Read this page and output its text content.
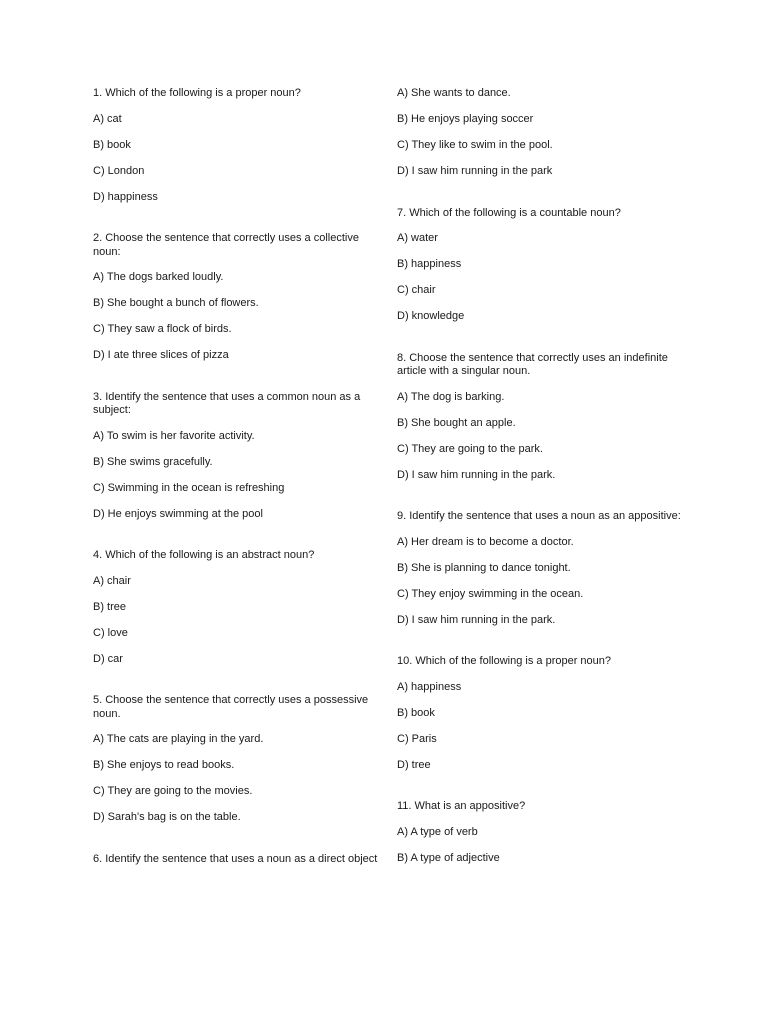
1. Which of the following is a proper noun?
A) cat
B) book
C) London
D) happiness
2. Choose the sentence that correctly uses a collective noun:
A) The dogs barked loudly.
B) She bought a bunch of flowers.
C) They saw a flock of birds.
D) I ate three slices of pizza
3. Identify the sentence that uses a common noun as a subject:
A) To swim is her favorite activity.
B) She swims gracefully.
C) Swimming in the ocean is refreshing
D) He enjoys swimming at the pool
4. Which of the following is an abstract noun?
A) chair
B) tree
C) love
D) car
5. Choose the sentence that correctly uses a possessive noun.
A) The cats are playing in the yard.
B) She enjoys to read books.
C) They are going to the movies.
D) Sarah's bag is on the table.
6. Identify the sentence that uses a noun as a direct object
A) She wants to dance.
B) He enjoys playing soccer
C) They like to swim in the pool.
D) I saw him running in the park
7. Which of the following is a countable noun?
A) water
B) happiness
C) chair
D) knowledge
8. Choose the sentence that correctly uses an indefinite article with a singular noun.
A) The dog is barking.
B) She bought an apple.
C) They are going to the park.
D) I saw him running in the park.
9. Identify the sentence that uses a noun as an appositive:
A) Her dream is to become a doctor.
B) She is planning to dance tonight.
C) They enjoy swimming in the ocean.
D) I saw him running in the park.
10. Which of the following is a proper noun?
A) happiness
B) book
C) Paris
D) tree
11. What is an appositive?
A) A type of verb
B) A type of adjective
